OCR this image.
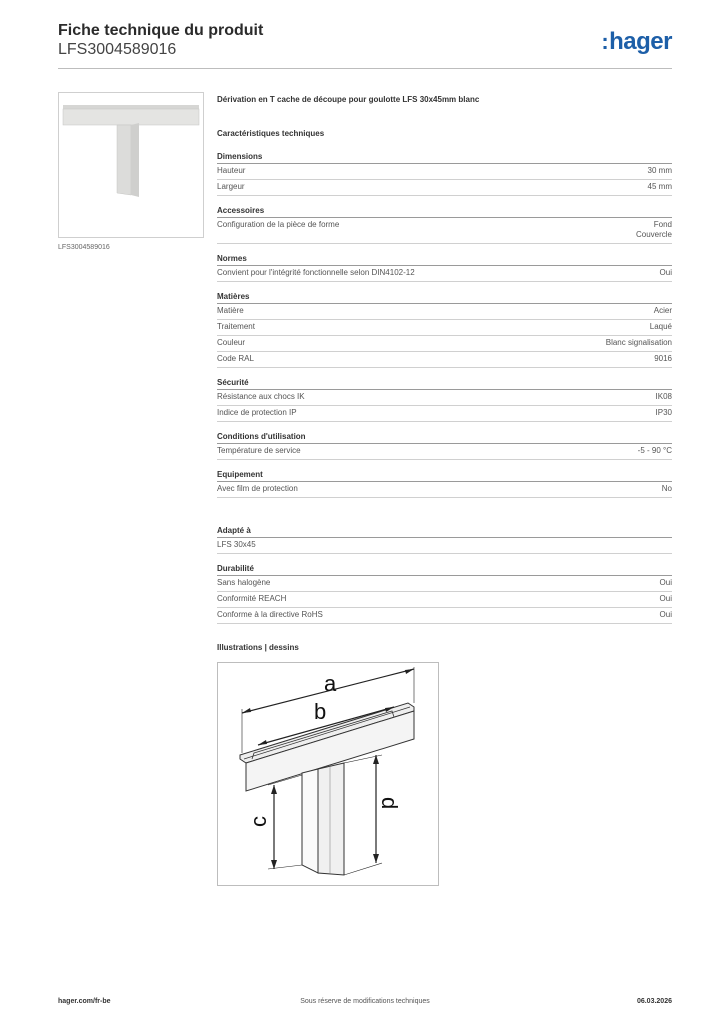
Fiche technique du produit
LFS3004589016	:hager
LFS3004589016
Dérivation en T cache de découpe pour goulotte LFS 30x45mm blanc
Caractéristiques techniques
Dimensions
Hauteur	30 mm
Largeur	45 mm
Accessoires
Configuration de la pièce de forme	Fond
Couvercle
Normes
Convient pour l'intégrité fonctionnelle selon DIN4102-12	Oui
Matières
Matière	Acier
Traitement	Laqué
Couleur	Blanc signalisation
Code RAL	9016
Sécurité
Résistance aux chocs IK	IK08
Indice de protection IP	IP30
Conditions d'utilisation
Température de service	-5 - 90 °C
Equipement
Avec film de protection	No
Adapté à
LFS 30x45
Durabilité
Sans halogène	Oui
Conformité REACH	Oui
Conforme à la directive RoHS	Oui
Illustrations | dessins
a
b
c
d
hager.com/fr-be	Sous réserve de modifications techniques	06.03.2026
